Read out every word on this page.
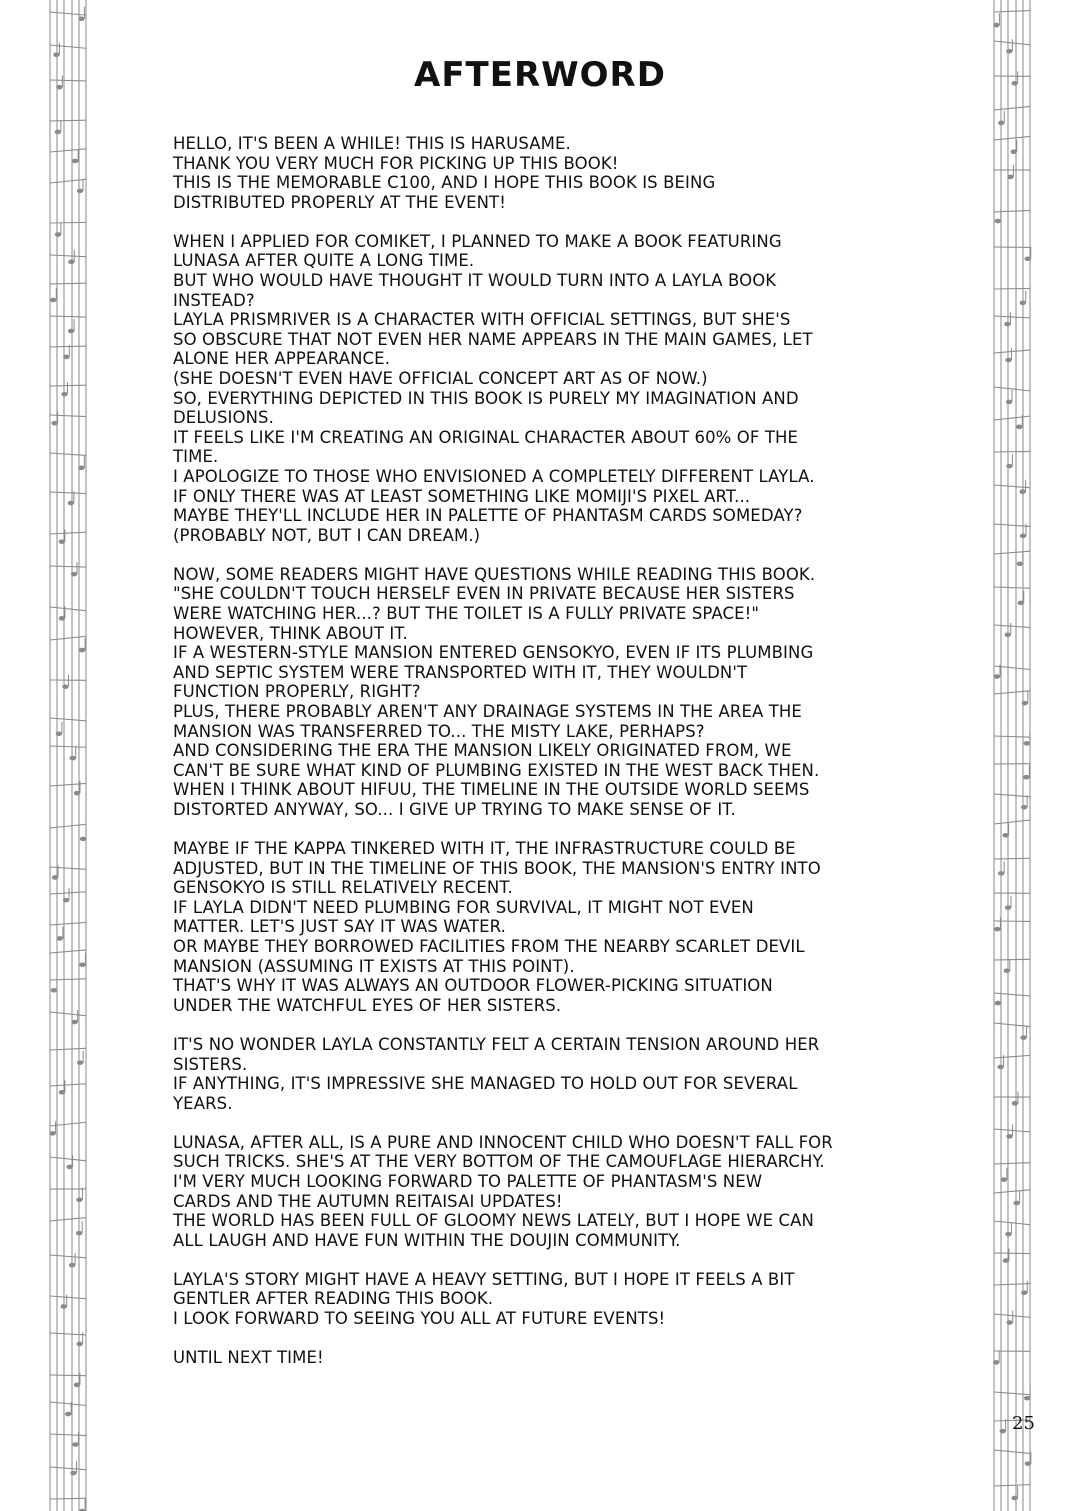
AFTERWORD
HELLO, IT'S BEEN A WHILE! THIS IS HARUSAME.
THANK YOU VERY MUCH FOR PICKING UP THIS BOOK!
THIS IS THE MEMORABLE C100, AND I HOPE THIS BOOK IS BEING
DISTRIBUTED PROPERLY AT THE EVENT!
WHEN I APPLIED FOR COMIKET, I PLANNED TO MAKE A BOOK FEATURING
LUNASA AFTER QUITE A LONG TIME.
BUT WHO WOULD HAVE THOUGHT IT WOULD TURN INTO A LAYLA BOOK
INSTEAD?
LAYLA PRISMRIVER IS A CHARACTER WITH OFFICIAL SETTINGS, BUT SHE'S
SO OBSCURE THAT NOT EVEN HER NAME APPEARS IN THE MAIN GAMES, LET
ALONE HER APPEARANCE.
(SHE DOESN'T EVEN HAVE OFFICIAL CONCEPT ART AS OF NOW.)
SO, EVERYTHING DEPICTED IN THIS BOOK IS PURELY MY IMAGINATION AND
DELUSIONS.
IT FEELS LIKE I'M CREATING AN ORIGINAL CHARACTER ABOUT 60% OF THE
TIME.
I APOLOGIZE TO THOSE WHO ENVISIONED A COMPLETELY DIFFERENT LAYLA.
IF ONLY THERE WAS AT LEAST SOMETHING LIKE MOMIJI'S PIXEL ART...
MAYBE THEY'LL INCLUDE HER IN PALETTE OF PHANTASM CARDS SOMEDAY?
(PROBABLY NOT, BUT I CAN DREAM.)
NOW, SOME READERS MIGHT HAVE QUESTIONS WHILE READING THIS BOOK.
"SHE COULDN'T TOUCH HERSELF EVEN IN PRIVATE BECAUSE HER SISTERS
WERE WATCHING HER...? BUT THE TOILET IS A FULLY PRIVATE SPACE!"
HOWEVER, THINK ABOUT IT.
IF A WESTERN-STYLE MANSION ENTERED GENSOKYO, EVEN IF ITS PLUMBING
AND SEPTIC SYSTEM WERE TRANSPORTED WITH IT, THEY WOULDN'T
FUNCTION PROPERLY, RIGHT?
PLUS, THERE PROBABLY AREN'T ANY DRAINAGE SYSTEMS IN THE AREA THE
MANSION WAS TRANSFERRED TO... THE MISTY LAKE, PERHAPS?
AND CONSIDERING THE ERA THE MANSION LIKELY ORIGINATED FROM, WE
CAN'T BE SURE WHAT KIND OF PLUMBING EXISTED IN THE WEST BACK THEN.
WHEN I THINK ABOUT HIFUU, THE TIMELINE IN THE OUTSIDE WORLD SEEMS
DISTORTED ANYWAY, SO... I GIVE UP TRYING TO MAKE SENSE OF IT.
MAYBE IF THE KAPPA TINKERED WITH IT, THE INFRASTRUCTURE COULD BE
ADJUSTED, BUT IN THE TIMELINE OF THIS BOOK, THE MANSION'S ENTRY INTO
GENSOKYO IS STILL RELATIVELY RECENT.
IF LAYLA DIDN'T NEED PLUMBING FOR SURVIVAL, IT MIGHT NOT EVEN
MATTER. LET'S JUST SAY IT WAS WATER.
OR MAYBE THEY BORROWED FACILITIES FROM THE NEARBY SCARLET DEVIL
MANSION (ASSUMING IT EXISTS AT THIS POINT).
THAT'S WHY IT WAS ALWAYS AN OUTDOOR FLOWER-PICKING SITUATION
UNDER THE WATCHFUL EYES OF HER SISTERS.
IT'S NO WONDER LAYLA CONSTANTLY FELT A CERTAIN TENSION AROUND HER
SISTERS.
IF ANYTHING, IT'S IMPRESSIVE SHE MANAGED TO HOLD OUT FOR SEVERAL
YEARS.
LUNASA, AFTER ALL, IS A PURE AND INNOCENT CHILD WHO DOESN'T FALL FOR
SUCH TRICKS. SHE'S AT THE VERY BOTTOM OF THE CAMOUFLAGE HIERARCHY.
I'M VERY MUCH LOOKING FORWARD TO PALETTE OF PHANTASM'S NEW
CARDS AND THE AUTUMN REITAISAI UPDATES!
THE WORLD HAS BEEN FULL OF GLOOMY NEWS LATELY, BUT I HOPE WE CAN
ALL LAUGH AND HAVE FUN WITHIN THE DOUJIN COMMUNITY.
LAYLA'S STORY MIGHT HAVE A HEAVY SETTING, BUT I HOPE IT FEELS A BIT
GENTLER AFTER READING THIS BOOK.
I LOOK FORWARD TO SEEING YOU ALL AT FUTURE EVENTS!
UNTIL NEXT TIME!
25
